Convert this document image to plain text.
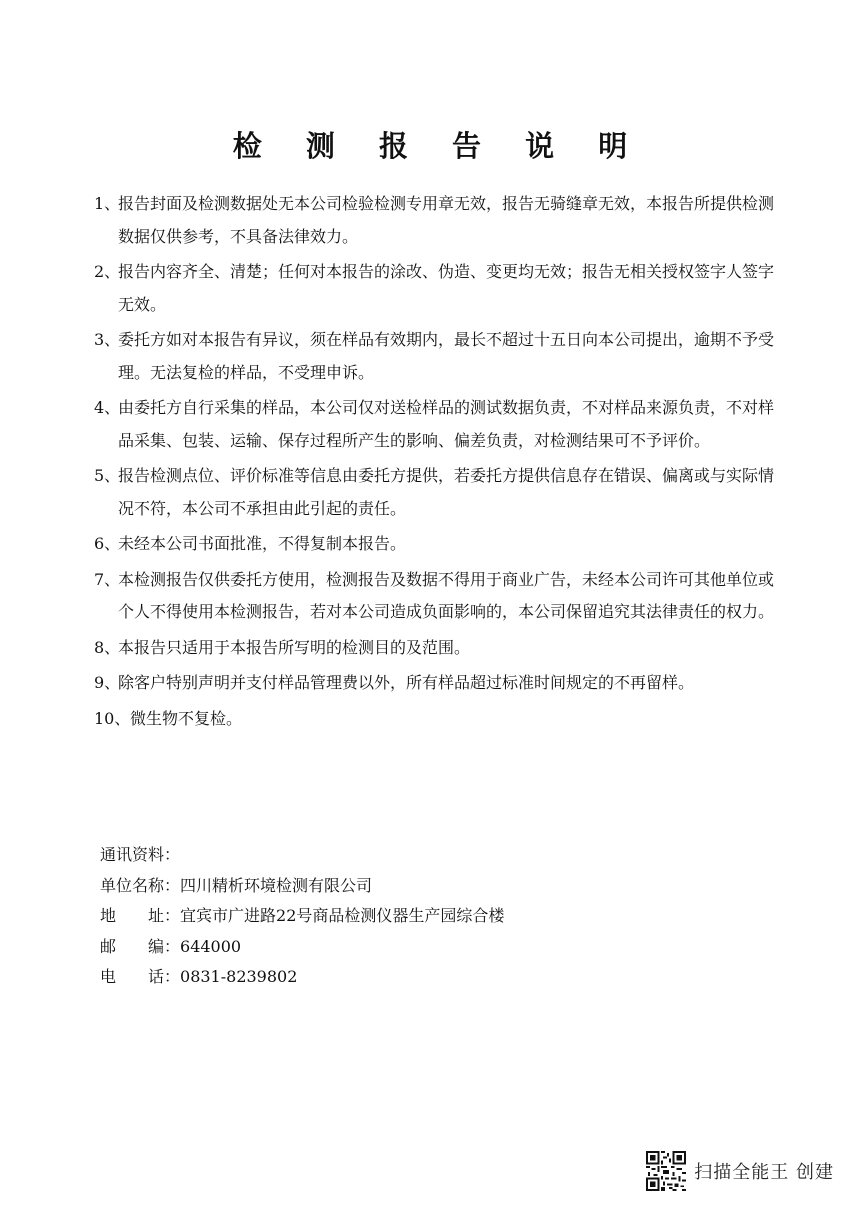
检 测 报 告 说 明
1、
报告封面及检测数据处无本公司检验检测专用章无效，报告无骑缝章无效，本报告所提供检测数据仅供参考，不具备法律效力。
2、
报告内容齐全、清楚；任何对本报告的涂改、伪造、变更均无效；报告无相关授权签字人签字无效。
3、
委托方如对本报告有异议，须在样品有效期内，最长不超过十五日向本公司提出，逾期不予受理。无法复检的样品，不受理申诉。
4、
由委托方自行采集的样品，本公司仅对送检样品的测试数据负责，不对样品来源负责，不对样品采集、包装、运输、保存过程所产生的影响、偏差负责，对检测结果可不予评价。
5、
报告检测点位、评价标准等信息由委托方提供，若委托方提供信息存在错误、偏离或与实际情况不符，本公司不承担由此引起的责任。
6、
未经本公司书面批准，不得复制本报告。
7、
本检测报告仅供委托方使用，检测报告及数据不得用于商业广告，未经本公司许可其他单位或个人不得使用本检测报告，若对本公司造成负面影响的，本公司保留追究其法律责任的权力。
8、
本报告只适用于本报告所写明的检测目的及范围。
9、
除客户特别声明并支付样品管理费以外，所有样品超过标准时间规定的不再留样。
10、 微生物不复检。
通讯资料：
单位名称： 四川精析环境检测有限公司
地　　址： 宜宾市广进路22号商品检测仪器生产园综合楼
邮　　编： 644000
电　　话： 0831-8239802
扫描全能王 创建
